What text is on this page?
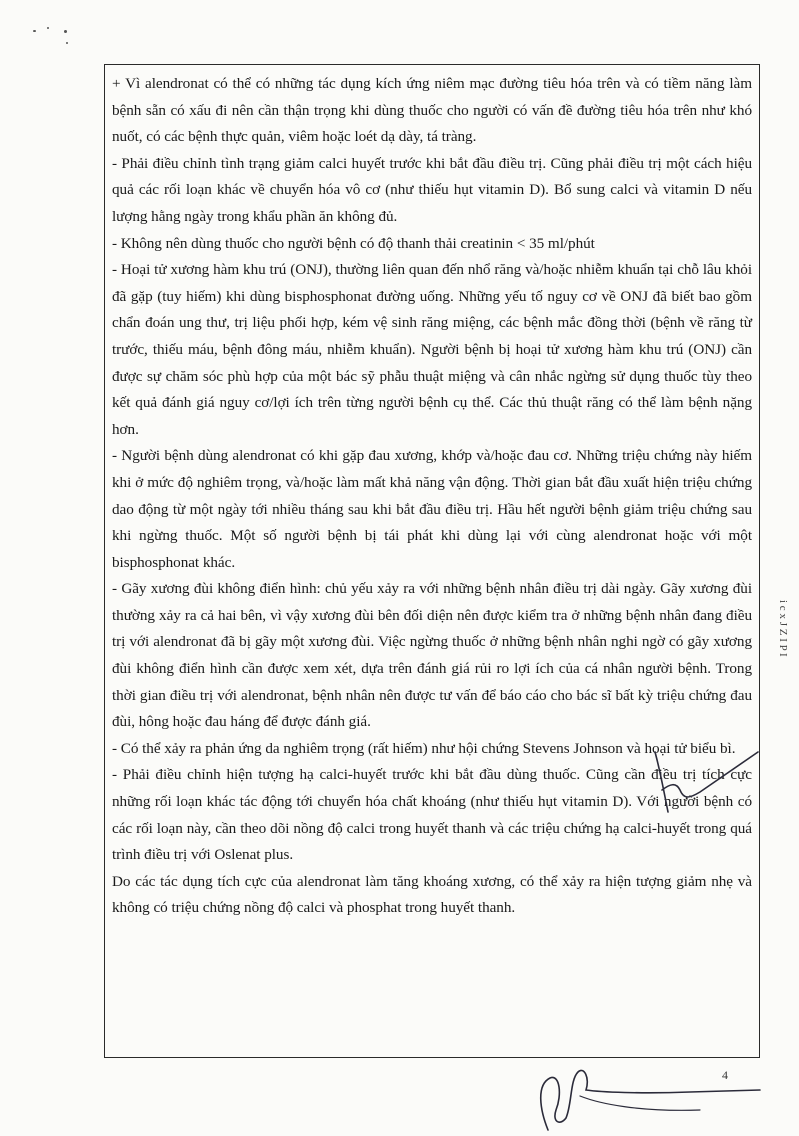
+ Vì alendronat có thể có những tác dụng kích ứng niêm mạc đường tiêu hóa trên và có tiềm năng làm bệnh sẵn có xấu đi nên cần thận trọng khi dùng thuốc cho người có vấn đề đường tiêu hóa trên như khó nuốt, có các bệnh thực quản, viêm hoặc loét dạ dày, tá tràng.

- Phải điều chỉnh tình trạng giảm calci huyết trước khi bắt đầu điều trị. Cũng phải điều trị một cách hiệu quả các rối loạn khác về chuyển hóa vô cơ (như thiếu hụt vitamin D). Bổ sung calci và vitamin D nếu lượng hằng ngày trong khẩu phần ăn không đủ.

- Không nên dùng thuốc cho người bệnh có độ thanh thải creatinin < 35 ml/phút

- Hoại tử xương hàm khu trú (ONJ), thường liên quan đến nhổ răng và/hoặc nhiễm khuẩn tại chỗ lâu khỏi đã gặp (tuy hiếm) khi dùng bisphosphonat đường uống. Những yếu tố nguy cơ về ONJ đã biết bao gồm chẩn đoán ung thư, trị liệu phối hợp, kém vệ sinh răng miệng, các bệnh mắc đồng thời (bệnh về răng từ trước, thiếu máu, bệnh đông máu, nhiễm khuẩn). Người bệnh bị hoại tử xương hàm khu trú (ONJ) cần được sự chăm sóc phù hợp của một bác sỹ phẫu thuật miệng và cân nhắc ngừng sử dụng thuốc tùy theo kết quả đánh giá nguy cơ/lợi ích trên từng người bệnh cụ thể. Các thủ thuật răng có thể làm bệnh nặng hơn.

- Người bệnh dùng alendronat có khi gặp đau xương, khớp và/hoặc đau cơ. Những triệu chứng này hiếm khi ở mức độ nghiêm trọng, và/hoặc làm mất khả năng vận động. Thời gian bắt đầu xuất hiện triệu chứng dao động từ một ngày tới nhiều tháng sau khi bắt đầu điều trị. Hầu hết người bệnh giảm triệu chứng sau khi ngừng thuốc. Một số người bệnh bị tái phát khi dùng lại với cùng alendronat hoặc với một bisphosphonat khác.

- Gãy xương đùi không điển hình: chủ yếu xảy ra với những bệnh nhân điều trị dài ngày. Gãy xương đùi thường xảy ra cả hai bên, vì vậy xương đùi bên đối diện nên được kiểm tra ở những bệnh nhân đang điều trị với alendronat đã bị gãy một xương đùi. Việc ngừng thuốc ở những bệnh nhân nghi ngờ có gãy xương đùi không điển hình cần được xem xét, dựa trên đánh giá rủi ro lợi ích của cá nhân người bệnh. Trong thời gian điều trị với alendronat, bệnh nhân nên được tư vấn để báo cáo cho bác sĩ bất kỳ triệu chứng đau đùi, hông hoặc đau háng để được đánh giá.

- Có thể xảy ra phản ứng da nghiêm trọng (rất hiếm) như hội chứng Stevens Johnson và hoại tử biểu bì.

- Phải điều chỉnh hiện tượng hạ calci-huyết trước khi bắt đầu dùng thuốc. Cũng cần điều trị tích cực những rối loạn khác tác động tới chuyển hóa chất khoáng (như thiếu hụt vitamin D). Với người bệnh có các rối loạn này, cần theo dõi nồng độ calci trong huyết thanh và các triệu chứng hạ calci-huyết trong quá trình điều trị với Oslenat plus.

Do các tác dụng tích cực của alendronat làm tăng khoáng xương, có thể xảy ra hiện tượng giảm nhẹ và không có triệu chứng nồng độ calci và phosphat trong huyết thanh.

i c x J Z I P I
4
